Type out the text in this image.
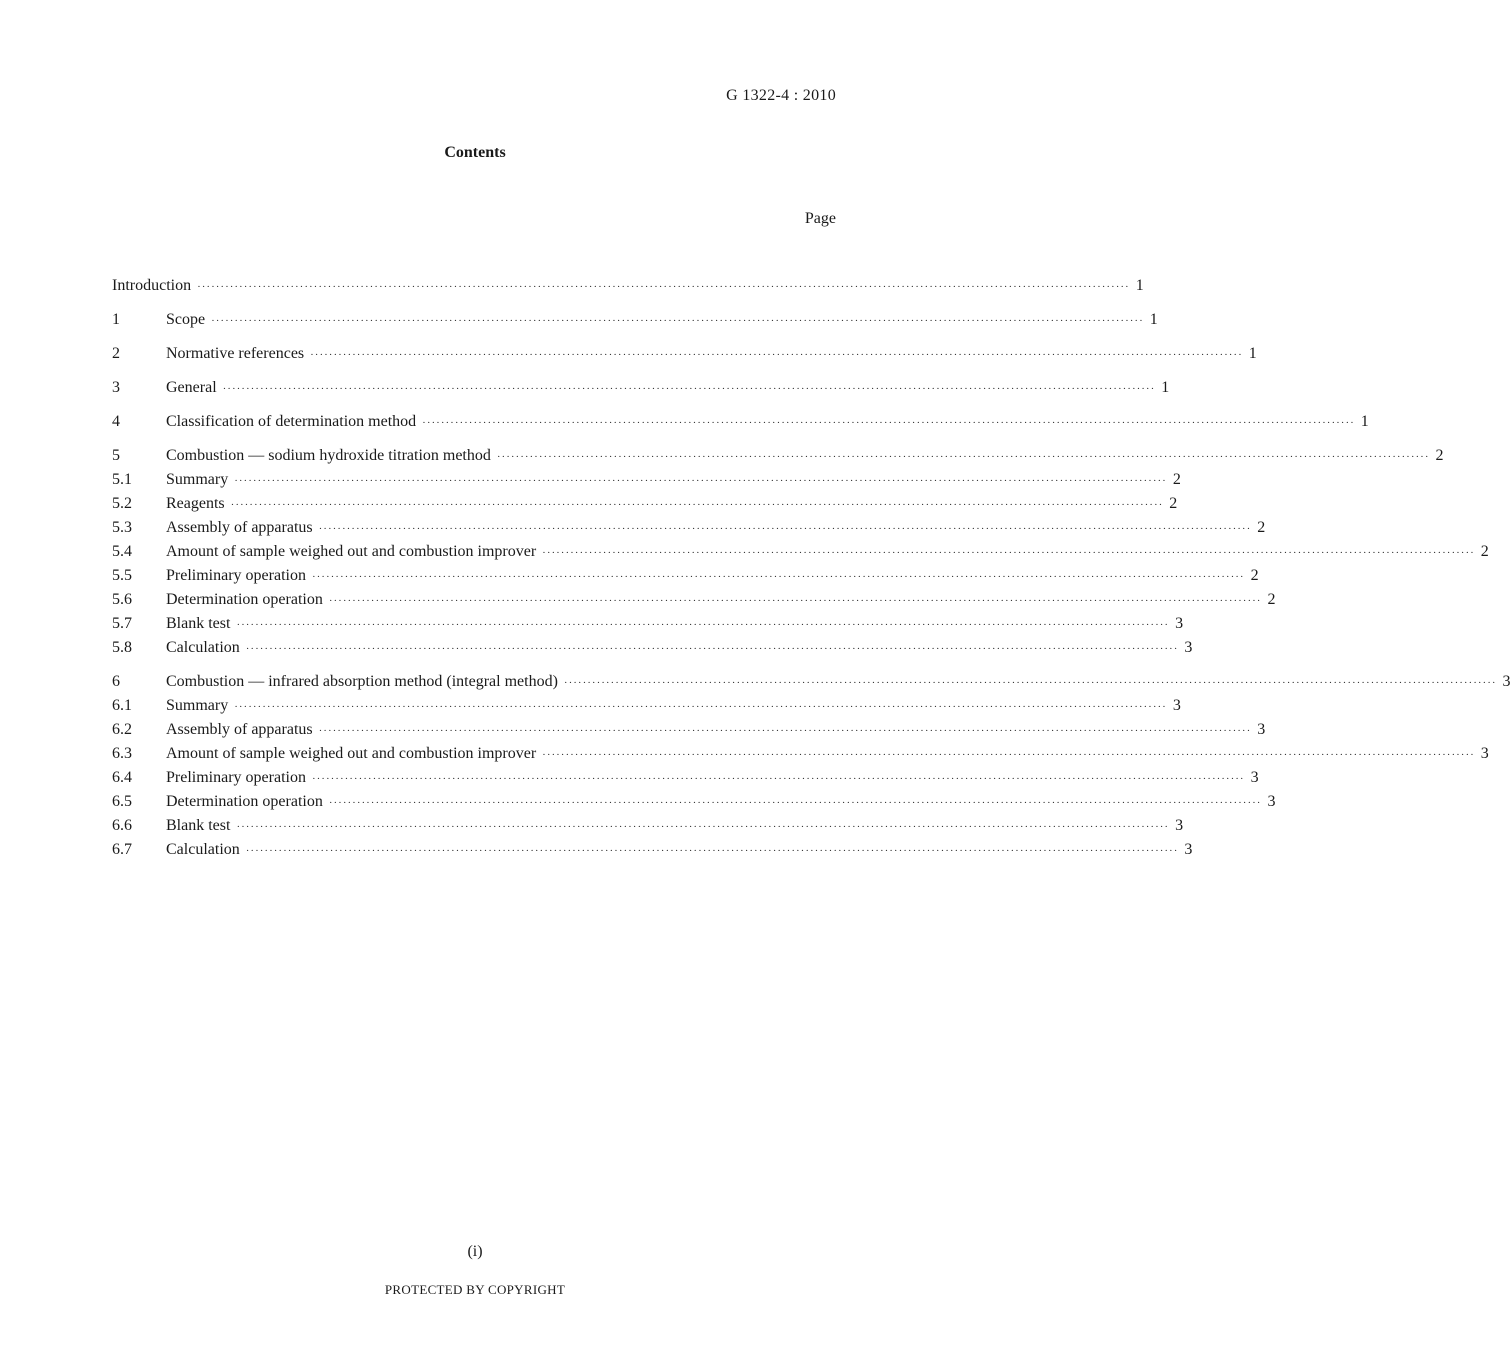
G 1322-4 : 2010
Contents
Page
Introduction ········································································································································································································ 1
1	Scope ········································································································································································································ 1
2	Normative references ········································································································································································································ 1
3	General ········································································································································································································ 1
4	Classification of determination method ········································································································································································································ 1
5	Combustion — sodium hydroxide titration method ········································································································································································································ 2
5.1	Summary ········································································································································································································ 2
5.2	Reagents ········································································································································································································ 2
5.3	Assembly of apparatus ········································································································································································································ 2
5.4	Amount of sample weighed out and combustion improver ········································································································································································································ 2
5.5	Preliminary operation ········································································································································································································ 2
5.6	Determination operation ········································································································································································································ 2
5.7	Blank test ········································································································································································································ 3
5.8	Calculation ········································································································································································································ 3
6	Combustion — infrared absorption method (integral method) ········································································································································································································ 3
6.1	Summary ········································································································································································································ 3
6.2	Assembly of apparatus ········································································································································································································ 3
6.3	Amount of sample weighed out and combustion improver ········································································································································································································ 3
6.4	Preliminary operation ········································································································································································································ 3
6.5	Determination operation ········································································································································································································ 3
6.6	Blank test ········································································································································································································ 3
6.7	Calculation ········································································································································································································ 3
(i)
PROTECTED BY COPYRIGHT
